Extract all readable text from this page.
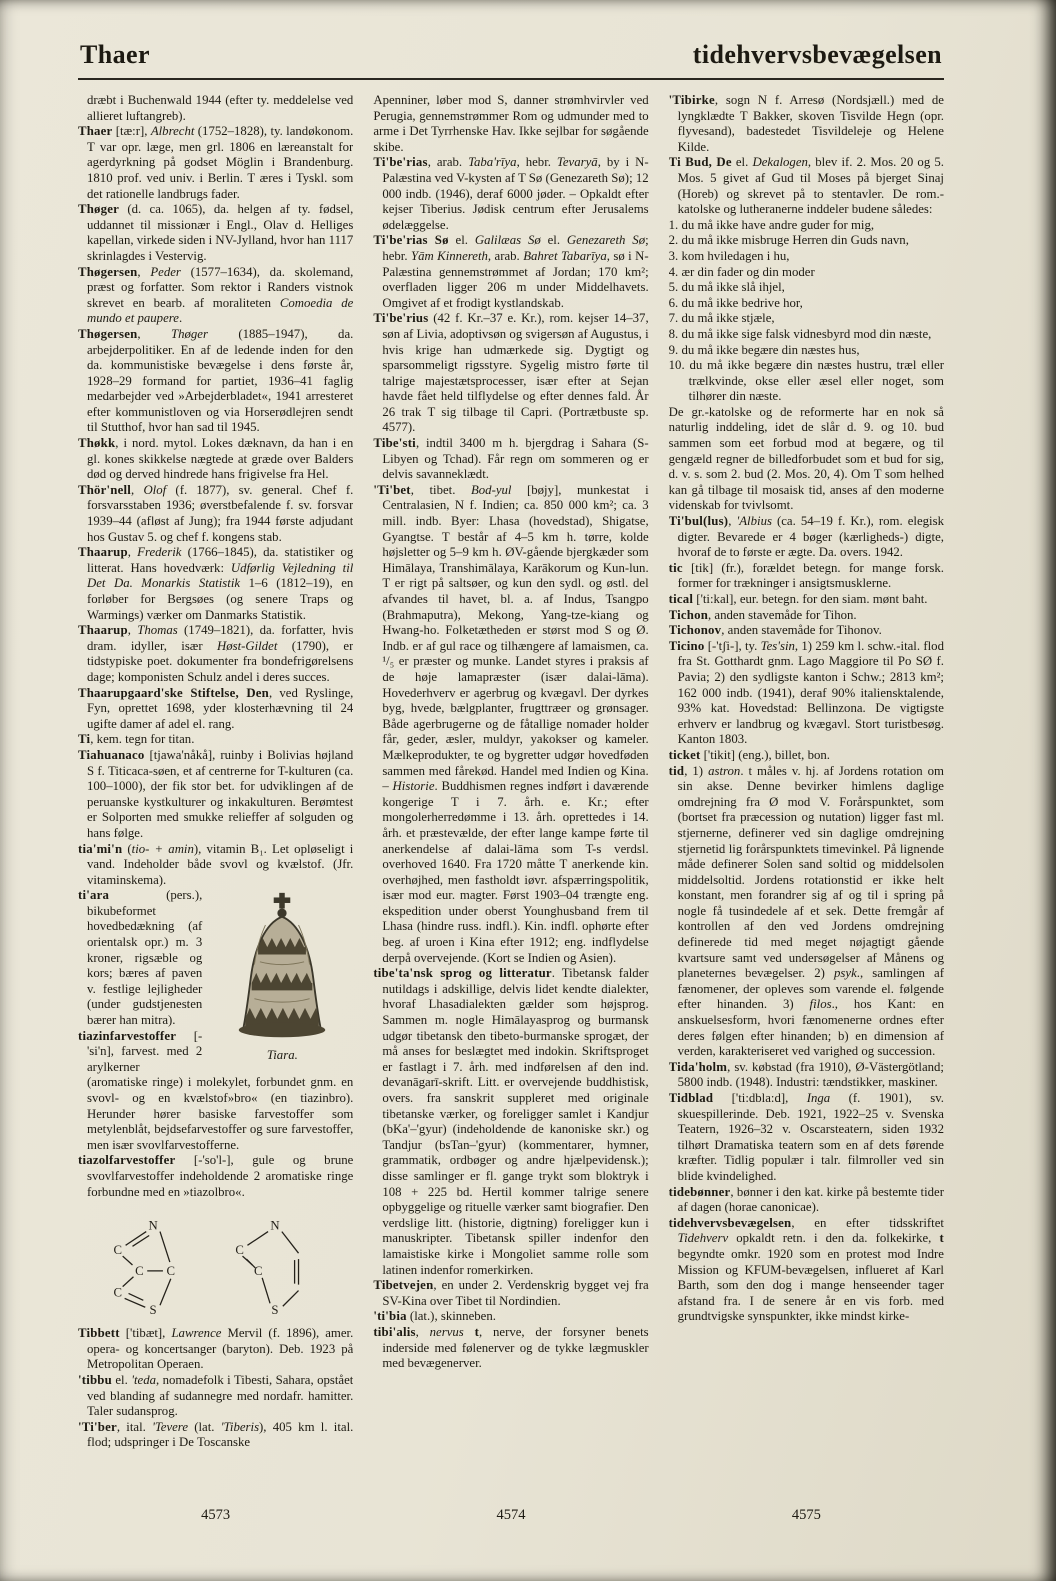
Thaer	tidehvervsbevægelsen

dræbt i Buchenwald 1944 (efter ty. meddelelse ved allieret luftangreb).

Thaer [tæ:r], Albrecht (1752–1828), ty. landøkonom. T var opr. læge, men grl. 1806 en læreanstalt for agerdyrkning på godset Möglin i Brandenburg. 1810 prof. ved univ. i Berlin. T æres i Tyskl. som det rationelle landbrugs fader.

Thøger (d. ca. 1065), da. helgen af ty. fødsel, uddannet til missionær i Engl., Olav d. Helliges kapellan, virkede siden i NV-Jylland, hvor han 1117 skrinlagdes i Vestervig.

Thøgersen, Peder (1577–1634), da. skolemand, præst og forfatter. Som rektor i Randers vistnok skrevet en bearb. af moraliteten Comoedia de mundo et paupere.

Thøgersen, Thøger (1885–1947), da. arbejderpolitiker. En af de ledende inden for den da. kommunistiske bevægelse i dens første år, 1928–29 formand for partiet, 1936–41 faglig medarbejder ved »Arbejderbladet«, 1941 arresteret efter kommunistloven og via Horserødlejren sendt til Stutthof, hvor han sad til 1945.

Thøkk, i nord. mytol. Lokes dæknavn, da han i en gl. kones skikkelse nægtede at græde over Balders død og derved hindrede hans frigivelse fra Hel.

Thör'nell, Olof (f. 1877), sv. general. Chef f. forsvarsstaben 1936; øverstbefalende f. sv. forsvar 1939–44 (afløst af Jung); fra 1944 første adjudant hos Gustav 5. og chef f. kongens stab.

Thaarup, Frederik (1766–1845), da. statistiker og litterat. Hans hovedværk: Udførlig Vejledning til Det Da. Monarkis Statistik 1–6 (1812–19), en forløber for Bergsøes (og senere Traps og Warmings) værker om Danmarks Statistik.

Thaarup, Thomas (1749–1821), da. forfatter, hvis dram. idyller, især Høst-Gildet (1790), er tidstypiske poet. dokumenter fra bondefrigørelsens dage; komponisten Schulz andel i deres succes.

Thaarupgaard'ske Stiftelse, Den, ved Ryslinge, Fyn, oprettet 1698, yder klosterhævning til 24 ugifte damer af adel el. rang.

Ti, kem. tegn for titan.

Tiahuanaco [tjawa'nåkå], ruinby i Bolivias højland S f. Titicaca-søen, et af centrerne for T-kulturen (ca. 100–1000), der fik stor bet. for udviklingen af de peruanske kystkulturer og inkakulturen. Berømtest er Solporten med smukke relieffer af solguden og hans følge.

tia'mi'n (tio- + amin), vitamin B₁. Let opløseligt i vand. Indeholder både svovl og kvælstof. (Jfr. vitaminskema).

Tiara.

ti'ara (pers.), bikubeformet hovedbedækning (af orientalsk opr.) m. 3 kroner, rigsæble og kors; bæres af paven v. festlige lejligheder (under gudstjenesten bærer han mitra).

tiazinfarvestoffer [-'si'n], farvest. med 2 arylkerner (aromatiske ringe) i molekylet, forbundet gnm. en svovl- og en kvælstof»bro« (en tiazinbro). Herunder hører basiske farvestoffer som metylenblåt, bejdsefarvestoffer og sure farvestoffer, men især svovlfarvestofferne.

tiazolfarvestoffer [-'so'l-], gule og brune svovlfarvestoffer indeholdende 2 aromatiske ringe forbundne med en »tiazolbro«.

N
C
C C
C
S
N
C
C
S

Tibbett ['tibæt], Lawrence Mervil (f. 1896), amer. opera- og koncertsanger (baryton). Deb. 1923 på Metropolitan Operaen.

'tibbu el. 'teda, nomadefolk i Tibesti, Sahara, opstået ved blanding af sudannegre med nordafr. hamitter. Taler sudansprog.

'Ti'ber, ital. 'Tevere (lat. 'Tiberis), 405 km l. ital. flod; udspringer i De Toscanske

Apenniner, løber mod S, danner strømhvirvler ved Perugia, gennemstrømmer Rom og udmunder med to arme i Det Tyrrhenske Hav. Ikke sejlbar for søgående skibe.

Ti'be'rias, arab. Taba'rīya, hebr. Tevaryā, by i N-Palæstina ved V-kysten af T Sø (Genezareth Sø); 12 000 indb. (1946), deraf 6000 jøder. – Opkaldt efter kejser Tiberius. Jødisk centrum efter Jerusalems ødelæggelse.

Ti'be'rias Sø el. Galilæas Sø el. Genezareth Sø; hebr. Yām Kinnereth, arab. Bahret Tabarīya, sø i N-Palæstina gennemstrømmet af Jordan; 170 km²; overfladen ligger 206 m under Middelhavets. Omgivet af et frodigt kystlandskab.

Ti'be'rius (42 f. Kr.–37 e. Kr.), rom. kejser 14–37, søn af Livia, adoptivsøn og svigersøn af Augustus, i hvis krige han udmærkede sig. Dygtigt og sparsommeligt rigsstyre. Sygelig mistro førte til talrige majestætsprocesser, især efter at Sejan havde fået held tilflydelse og efter dennes fald. År 26 trak T sig tilbage til Capri. (Portrætbuste sp. 4577).

Tibe'sti, indtil 3400 m h. bjergdrag i Sahara (S-Libyen og Tchad). Får regn om sommeren og er delvis savanneklædt.

'Ti'bet, tibet. Bod-yul [bøjy], munkestat i Centralasien, N f. Indien; ca. 850 000 km²; ca. 3 mill. indb. Byer: Lhasa (hovedstad), Shigatse, Gyangtse. T består af 4–5 km h. tørre, kolde højsletter og 5–9 km h. ØV-gående bjergkæder som Himālaya, Transhimālaya, Karākorum og Kun-lun. T er rigt på saltsøer, og kun den sydl. og østl. del afvandes til havet, bl. a. af Indus, Tsangpo (Brahmaputra), Mekong, Yang-tze-kiang og Hwang-ho. Folketætheden er størst mod S og Ø. Indb. er af gul race og tilhængere af lamaismen, ca. ¹/₅ er præster og munke. Landet styres i praksis af de høje lamapræster (især dalai-lāma). Hovederhverv er agerbrug og kvægavl. Der dyrkes byg, hvede, bælgplanter, frugttræer og grønsager. Både agerbrugerne og de fåtallige nomader holder får, geder, æsler, muldyr, yakokser og kameler. Mælkeprodukter, te og bygretter udgør hovedføden sammen med fårekød. Handel med Indien og Kina. – Historie. Buddhismen regnes indført i daværende kongerige T i 7. årh. e. Kr.; efter mongolerherredømme i 13. årh. oprettedes i 14. årh. et præstevælde, der efter lange kampe førte til anerkendelse af dalai-lāma som T-s verdsl. overhoved 1640. Fra 1720 måtte T anerkende kin. overhøjhed, men fastholdt iøvr. afspærringspolitik, især mod eur. magter. Først 1903–04 trængte eng. ekspedition under oberst Younghusband frem til Lhasa (hindre russ. indfl.). Kin. indfl. ophørte efter beg. af uroen i Kina efter 1912; eng. indflydelse derpå overvejende. (Kort se Indien og Asien).

tibe'ta'nsk sprog og litteratur. Tibetansk falder nutildags i adskillige, delvis lidet kendte dialekter, hvoraf Lhasadialekten gælder som højsprog. Sammen m. nogle Himālayasprog og burmansk udgør tibetansk den tibeto-burmanske sprogæt, der må anses for beslægtet med indokin. Skriftsproget er fastlagt i 7. årh. med indførelsen af den ind. devanāgarī-skrift. Litt. er overvejende buddhistisk, overs. fra sanskrit suppleret med originale tibetanske værker, og foreligger samlet i Kandjur (bKa'–'gyur) (indeholdende de kanoniske skr.) og Tandjur (bsTan–'gyur) (kommentarer, hymner, grammatik, ordbøger og andre hjælpevidensk.); disse samlinger er fl. gange trykt som bloktryk i 108 + 225 bd. Hertil kommer talrige senere opbyggelige og rituelle værker samt biografier. Den verdslige litt. (historie, digtning) foreligger kun i manuskripter. Tibetansk spiller indenfor den lamaistiske kirke i Mongoliet samme rolle som latinen indenfor romerkirken.

Tibetvejen, en under 2. Verdenskrig bygget vej fra SV-Kina over Tibet til Nordindien.

'ti'bia (lat.), skinneben.

tibi'alis, nervus t, nerve, der forsyner benets inderside med følenerver og de tykke lægmuskler med bevægenerver.

'Tibirke, sogn N f. Arresø (Nordsjæll.) med de lyngklædte T Bakker, skoven Tisvilde Hegn (opr. flyvesand), badestedet Tisvildeleje og Helene Kilde.

Ti Bud, De el. Dekalogen, blev if. 2. Mos. 20 og 5. Mos. 5 givet af Gud til Moses på bjerget Sinaj (Horeb) og skrevet på to stentavler. De rom.-katolske og lutheranerne inddeler budene således:

1. du må ikke have andre guder for mig,

2. du må ikke misbruge Herren din Guds navn,

3. kom hviledagen i hu,

4. ær din fader og din moder

5. du må ikke slå ihjel,

6. du må ikke bedrive hor,

7. du må ikke stjæle,

8. du må ikke sige falsk vidnesbyrd mod din næste,

9. du må ikke begære din næstes hus,

10. du må ikke begære din næstes hustru, træl eller trælkvinde, okse eller æsel eller noget, som tilhører din næste.

De gr.-katolske og de reformerte har en nok så naturlig inddeling, idet de slår d. 9. og 10. bud sammen som eet forbud mod at begære, og til gengæld regner de billedforbudet som et bud for sig, d. v. s. som 2. bud (2. Mos. 20, 4). Om T som helhed kan gå tilbage til mosaisk tid, anses af den moderne videnskab for tvivlsomt.

Ti'bul(lus), 'Albius (ca. 54–19 f. Kr.), rom. elegisk digter. Bevarede er 4 bøger (kærligheds-) digte, hvoraf de to første er ægte. Da. overs. 1942.

tic [tik] (fr.), forældet betegn. for mange forsk. former for trækninger i ansigtsmusklerne.

tical ['ti:kal], eur. betegn. for den siam. mønt baht.

Tichon, anden stavemåde for Tihon.

Tichonov, anden stavemåde for Tihonov.

Ticino [-'tʃi-], ty. Tes'sin, 1) 259 km l. schw.-ital. flod fra St. Gotthardt gnm. Lago Maggiore til Po SØ f. Pavia; 2) den sydligste kanton i Schw.; 2813 km²; 162 000 indb. (1941), deraf 90% italiensktalende, 93% kat. Hovedstad: Bellinzona. De vigtigste erhverv er landbrug og kvægavl. Stort turistbesøg. Kanton 1803.

ticket ['tikit] (eng.), billet, bon.

tid, 1) astron. t måles v. hj. af Jordens rotation om sin akse. Denne bevirker himlens daglige omdrejning fra Ø mod V. Forårspunktet, som (bortset fra præcession og nutation) ligger fast ml. stjernerne, definerer ved sin daglige omdrejning stjernetid lig forårspunktets timevinkel. På lignende måde definerer Solen sand soltid og middelsolen middelsoltid. Jordens rotationstid er ikke helt konstant, men forandrer sig af og til i spring på nogle få tusindedele af et sek. Dette fremgår af kontrollen af den ved Jordens omdrejning definerede tid med meget nøjagtigt gående kvartsure samt ved undersøgelser af Månens og planeternes bevægelser. 2) psyk., samlingen af fænomener, der opleves som varende el. følgende efter hinanden. 3) filos., hos Kant: en anskuelsesform, hvori fænomenerne ordnes efter deres følgen efter hinanden; b) en dimension af verden, karakteriseret ved varighed og succession.

Tida'holm, sv. købstad (fra 1910), Ø-Västergötland; 5800 indb. (1948). Industri: tændstikker, maskiner.

Tidblad ['ti:dbla:d], Inga (f. 1901), sv. skuespillerinde. Deb. 1921, 1922–25 v. Svenska Teatern, 1926–32 v. Oscarsteatern, siden 1932 tilhørt Dramatiska teatern som en af dets førende kræfter. Tidlig populær i talr. filmroller ved sin blide kvindelighed.

tidebønner, bønner i den kat. kirke på bestemte tider af dagen (horae canonicae).

tidehvervsbevægelsen, en efter tidsskriftet Tidehverv opkaldt retn. i den da. folkekirke, t begyndte omkr. 1920 som en protest mod Indre Mission og KFUM-bevægelsen, influeret af Karl Barth, som den dog i mange henseender tager afstand fra. I de senere år en vis forb. med grundtvigske synspunkter, ikke mindst kirke-

4573	4574	4575
